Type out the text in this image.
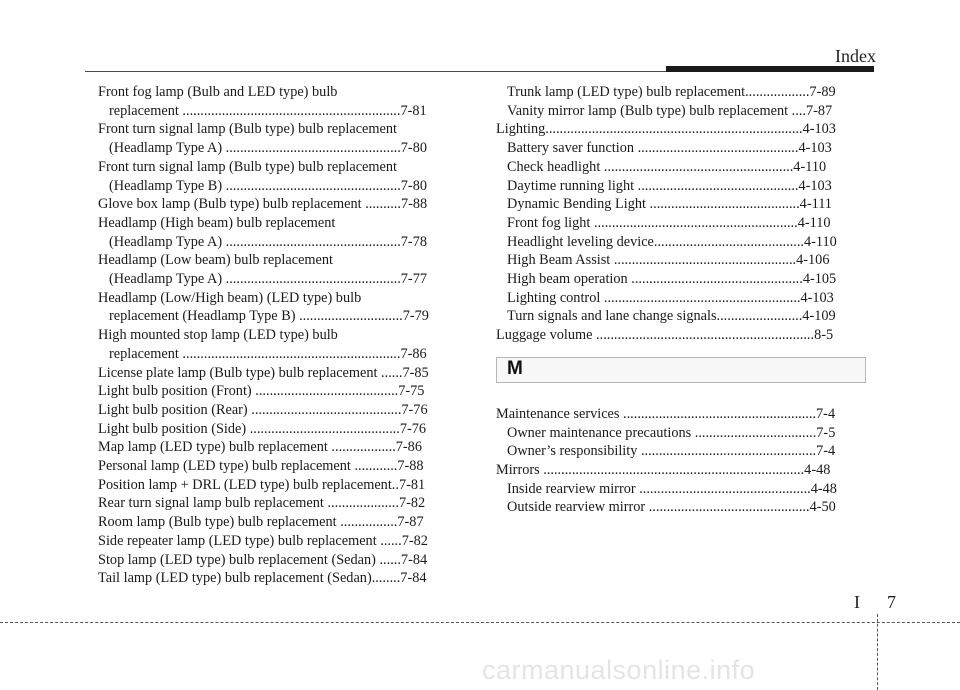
Index
Front fog lamp (Bulb and LED type) bulb
replacement .............................................................7-81
Front turn signal lamp (Bulb type) bulb replacement
(Headlamp Type A) .................................................7-80
Front turn signal lamp (Bulb type) bulb replacement
(Headlamp Type B) .................................................7-80
Glove box lamp (Bulb type) bulb replacement ..........7-88
Headlamp (High beam) bulb replacement
(Headlamp Type A) .................................................7-78
Headlamp (Low beam) bulb replacement
(Headlamp Type A) .................................................7-77
Headlamp (Low/High beam) (LED type) bulb
replacement (Headlamp Type B) .............................7-79
High mounted stop lamp (LED type) bulb
replacement .............................................................7-86
License plate lamp (Bulb type) bulb replacement ......7-85
Light bulb position (Front) ........................................7-75
Light bulb position (Rear) ..........................................7-76
Light bulb position (Side) ..........................................7-76
Map lamp (LED type) bulb replacement ..................7-86
Personal lamp (LED type) bulb replacement ............7-88
Position lamp + DRL (LED type) bulb replacement..7-81
Rear turn signal lamp bulb replacement ....................7-82
Room lamp (Bulb type) bulb replacement ................7-87
Side repeater lamp (LED type) bulb replacement ......7-82
Stop lamp (LED type) bulb replacement (Sedan) ......7-84
Tail lamp (LED type) bulb replacement (Sedan)........7-84
Trunk lamp (LED type) bulb replacement..................7-89
Vanity mirror lamp (Bulb type) bulb replacement ....7-87
Lighting........................................................................4-103
Battery saver function .............................................4-103
Check headlight .....................................................4-110
Daytime running light .............................................4-103
Dynamic Bending Light ..........................................4-111
Front fog light .........................................................4-110
Headlight leveling device..........................................4-110
High Beam Assist ...................................................4-106
High beam operation ................................................4-105
Lighting control .......................................................4-103
Turn signals and lane change signals........................4-109
Luggage volume .............................................................8-5
M
Maintenance services ......................................................7-4
Owner maintenance precautions ..................................7-5
Owner’s responsibility .................................................7-4
Mirrors .........................................................................4-48
Inside rearview mirror ................................................4-48
Outside rearview mirror .............................................4-50
I 7
carmanualsonline.info
